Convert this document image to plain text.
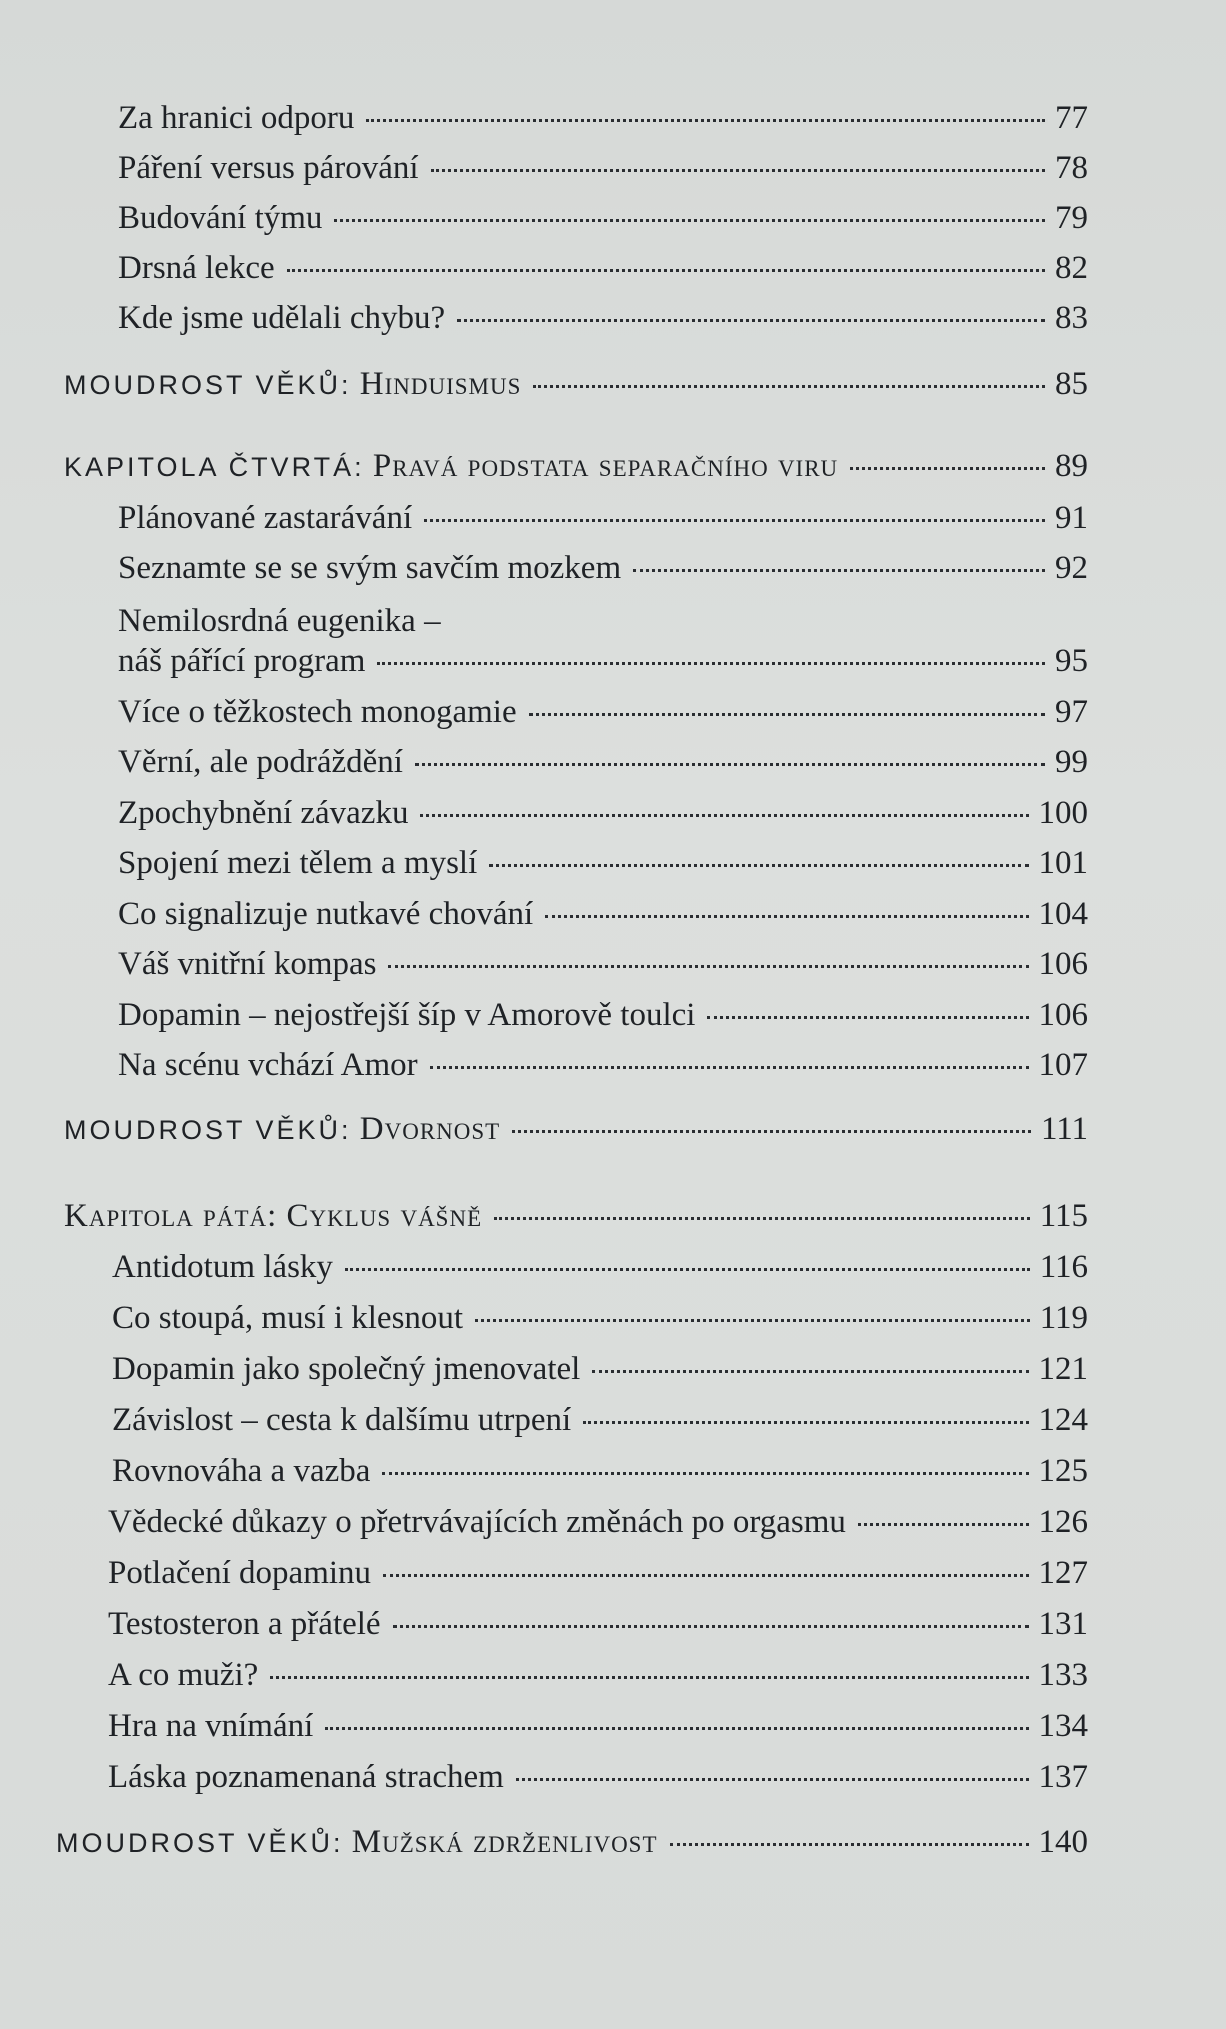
Za hranici odporu	77
Páření versus párování	78
Budování týmu	79
Drsná lekce	82
Kde jsme udělali chybu?	83
MOUDROST VĚKŮ: Hinduismus	85
KAPITOLA ČTVRTÁ: Pravá podstata separačního viru	89
Plánované zastarávání	91
Seznamte se se svým savčím mozkem	92
Nemilosrdná eugenika –
náš pářící program	95
Více o těžkostech monogamie	97
Věrní, ale podráždění	99
Zpochybnění závazku	100
Spojení mezi tělem a myslí	101
Co signalizuje nutkavé chování	104
Váš vnitřní kompas	106
Dopamin – nejostřejší šíp v Amorově toulci	106
Na scénu vchází Amor	107
MOUDROST VĚKŮ: Dvornost	111
Kapitola pátá: Cyklus vášně	115
Antidotum lásky	116
Co stoupá, musí i klesnout	119
Dopamin jako společný jmenovatel	121
Závislost – cesta k dalšímu utrpení	124
Rovnováha a vazba	125
Vědecké důkazy o přetrvávajících změnách po orgasmu	126
Potlačení dopaminu	127
Testosteron a přátelé	131
A co muži?	133
Hra na vnímání	134
Láska poznamenaná strachem	137
MOUDROST VĚKŮ: Mužská zdrženlivost	140
